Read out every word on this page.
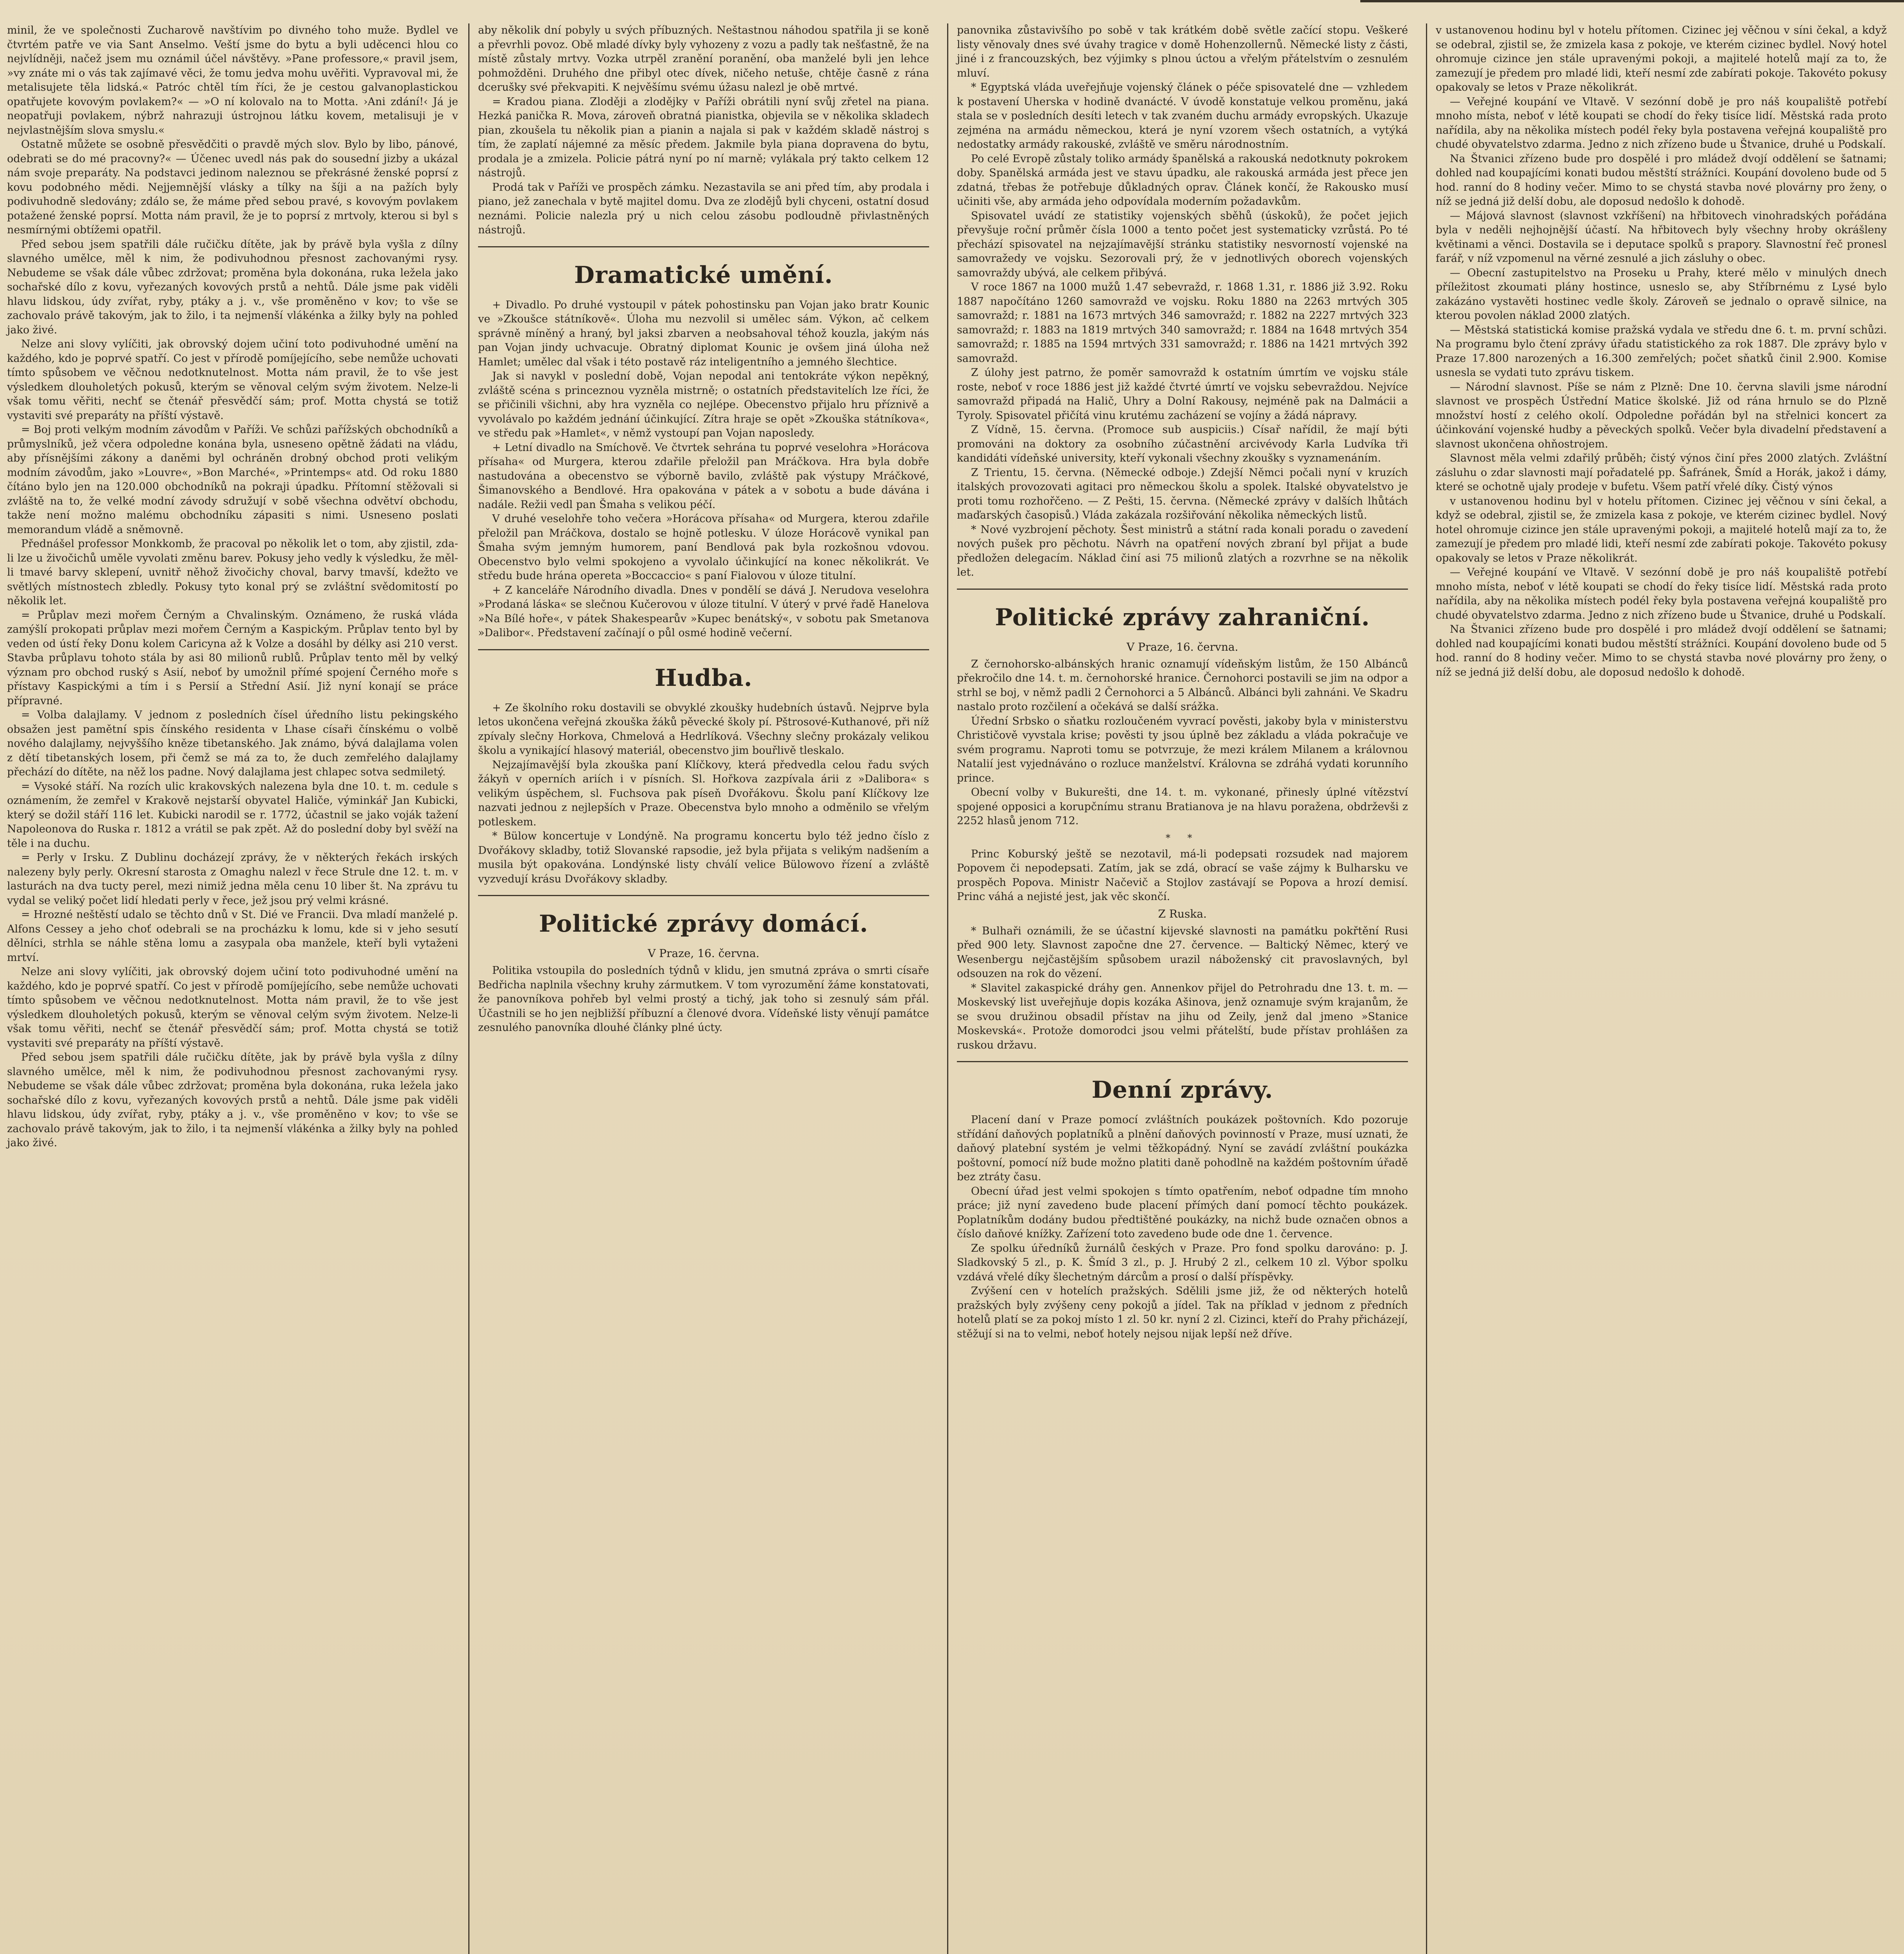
minil, že ve společnosti Zucharově navštívim po divného toho muže. Bydlel ve čtvrtém patře ve via Sant Anselmo. Veští jsme do bytu a byli uděcenci hlou co nejvlídněji, načež jsem mu oznámil účel návštěvy. »Pane professore,« pravil jsem, »vy znáte mi o vás tak zajímavé věci, že tomu jedva mohu uvěřiti. Vypravoval mi, že metalisujete těla lidská.« Patróc chtěl tím říci, že je cestou galvanoplastickou opatřujete kovovým povlakem?« — »O ní kolovalo na to Motta. ›Ani zdání!‹ Já je neopatřuji povlakem, nýbrž nahrazuji ústrojnou látku kovem, metalisuji je v nejvlastnějším slova smyslu.«

Ostatně můžete se osobně přesvědčiti o pravdě mých slov. Bylo by libo, pánové, odebrati se do mé pracovny?« — Účenec uvedl nás pak do sousední jizby a ukázal nám svoje preparáty. Na podstavci jedinom naleznou se překrásné ženské poprsí z kovu podobného mědi. Nejjemnější vlásky a tílky na šíji a na pažích byly podivuhodně sledovány; zdálo se, že máme před sebou pravé, s kovovým povlakem potažené ženské poprsí. Motta nám pravil, že je to poprsí z mrtvoly, kterou si byl s nesmírnými obtížemi opatřil.

Před sebou jsem spatřili dále ručičku dítěte, jak by právě byla vyšla z dílny slavného umělce, měl k nim, že podivuhodnou přesnost zachovanými rysy. Nebudeme se však dále vůbec zdržovat; proměna byla dokonána, ruka ležela jako sochařské dílo z kovu, vyřezaných kovových prstů a nehtů. Dále jsme pak viděli hlavu lidskou, údy zvířat, ryby, ptáky a j. v., vše proměněno v kov; to vše se zachovalo právě takovým, jak to žilo, i ta nejmenší vlákénka a žilky byly na pohled jako živé.

Nelze ani slovy vylíčiti, jak obrovský dojem učiní toto podivuhodné umění na každého, kdo je poprvé spatří. Co jest v přírodě pomíjejícího, sebe nemůže uchovati tímto spůsobem ve věčnou nedotknutelnost. Motta nám pravil, že to vše jest výsledkem dlouholetých pokusů, kterým se věnoval celým svým životem. Nelze-li však tomu věřiti, nechť se čtenář přesvědčí sám; prof. Motta chystá se totiž vystaviti své preparáty na příští výstavě.

= Boj proti velkým modním závodům v Paříži. Ve schůzi pařížských obchodníků a průmyslníků, jež včera odpoledne konána byla, usneseno opětně žádati na vládu, aby přísnějšími zákony a daněmi byl ochráněn drobný obchod proti velikým modním závodům, jako »Louvre«, »Bon Marché«, »Printemps« atd. Od roku 1880 čítáno bylo jen na 120.000 obchodníků na pokraji úpadku. Přítomní stěžovali si zvláště na to, že velké modní závody sdružují v sobě všechna odvětví obchodu, takže není možno malému obchodníku zápasiti s nimi. Usneseno poslati memorandum vládě a sněmovně.

Přednášel professor Monkkomb, že pracoval po několik let o tom, aby zjistil, zda-li lze u živočichů uměle vyvolati změnu barev. Pokusy jeho vedly k výsledku, že měl-li tmavé barvy sklepení, uvnitř něhož živočichy choval, barvy tmavší, kdežto ve světlých místnostech zbledly. Pokusy tyto konal prý se zvláštní svědomitostí po několik let.

= Průplav mezi mořem Černým a Chvalinským. Oznámeno, že ruská vláda zamýšlí prokopati průplav mezi mořem Černým a Kaspickým. Průplav tento byl by veden od ústí řeky Donu kolem Caricyna až k Volze a dosáhl by délky asi 210 verst. Stavba průplavu tohoto stála by asi 80 milionů rublů. Průplav tento měl by velký význam pro obchod ruský s Asií, neboť by umožnil přímé spojení Černého moře s přístavy Kaspickými a tím i s Persií a Střední Asií. Již nyní konají se práce přípravné.

= Volba dalajlamy. V jednom z posledních čísel úředního listu pekingského obsažen jest pamětní spis čínského residenta v Lhase císaři čínskému o volbě nového dalajlamy, nejvyššího kněze tibetanského. Jak známo, bývá dalajlama volen z dětí tibetanských losem, při čemž se má za to, že duch zemřelého dalajlamy přechází do dítěte, na něž los padne. Nový dalajlama jest chlapec sotva sedmiletý.

= Vysoké stáří. Na rozích ulic krakovských nalezena byla dne 10. t. m. cedule s oznámením, že zemřel v Krakově nejstarší obyvatel Haliče, výminkář Jan Kubicki, který se dožil stáří 116 let. Kubicki narodil se r. 1772, účastnil se jako voják tažení Napoleonova do Ruska r. 1812 a vrátil se pak zpět. Až do poslední doby byl svěží na těle i na duchu.

= Perly v Irsku. Z Dublinu docházejí zprávy, že v některých řekách irských nalezeny byly perly. Okresní starosta z Omaghu nalezl v řece Strule dne 12. t. m. v lasturách na dva tucty perel, mezi nimiž jedna měla cenu 10 liber št. Na zprávu tu vydal se veliký počet lidí hledati perly v řece, jež jsou prý velmi krásné.

= Hrozné neštěstí udalo se těchto dnů v St. Dié ve Francii. Dva mladí manželé p. Alfons Cessey a jeho choť odebrali se na procházku k lomu, kde si v jeho sesutí dělníci, strhla se náhle stěna lomu a zasypala oba manžele, kteří byli vytaženi mrtví.

Nelze ani slovy vylíčiti, jak obrovský dojem učiní toto podivuhodné umění na každého, kdo je poprvé spatří. Co jest v přírodě pomíjejícího, sebe nemůže uchovati tímto spůsobem ve věčnou nedotknutelnost. Motta nám pravil, že to vše jest výsledkem dlouholetých pokusů, kterým se věnoval celým svým životem. Nelze-li však tomu věřiti, nechť se čtenář přesvědčí sám; prof. Motta chystá se totiž vystaviti své preparáty na příští výstavě.

Před sebou jsem spatřili dále ručičku dítěte, jak by právě byla vyšla z dílny slavného umělce, měl k nim, že podivuhodnou přesnost zachovanými rysy. Nebudeme se však dále vůbec zdržovat; proměna byla dokonána, ruka ležela jako sochařské dílo z kovu, vyřezaných kovových prstů a nehtů. Dále jsme pak viděli hlavu lidskou, údy zvířat, ryby, ptáky a j. v., vše proměněno v kov; to vše se zachovalo právě takovým, jak to žilo, i ta nejmenší vlákénka a žilky byly na pohled jako živé.

aby několik dní pobyly u svých příbuzných. Neštastnou náhodou spatřila ji se koně a převrhli povoz. Obě mladé dívky byly vyhozeny z vozu a padly tak nešťastně, že na místě zůstaly mrtvy. Vozka utrpěl zranění poranění, oba manželé byli jen lehce pohmožděni. Druhého dne přibyl otec dívek, ničeho netuše, chtěje časně z rána dcerušky své překvapiti. K nejvěšímu svému úžasu nalezl je obě mrtvé.

= Kradou piana. Zloději a zlodějky v Paříži obrátili nyní svůj zřetel na piana. Hezká panička R. Mova, zároveň obratná pianistka, objevila se v několika skladech pian, zkoušela tu několik pian a pianin a najala si pak v každém skladě nástroj s tím, že zaplatí nájemné za měsíc předem. Jakmile byla piana dopravena do bytu, prodala je a zmizela. Policie pátrá nyní po ní marně; vylákala prý takto celkem 12 nástrojů.

Prodá tak v Paříži ve prospěch zámku. Nezastavila se ani před tím, aby prodala i piano, jež zanechala v bytě majitel domu. Dva ze zlodějů byli chyceni, ostatní dosud neznámi. Policie nalezla prý u nich celou zásobu podloudně přivlastněných nástrojů.

Dramatické umění.

+ Divadlo. Po druhé vystoupil v pátek pohostinsku pan Vojan jako bratr Kounic ve »Zkoušce státníkově«. Úloha mu nezvolil si umělec sám. Výkon, ač celkem správně míněný a hraný, byl jaksi zbarven a neobsahoval téhož kouzla, jakým nás pan Vojan jindy uchvacuje. Obratný diplomat Kounic je ovšem jiná úloha než Hamlet; umělec dal však i této postavě ráz inteligentního a jemného šlechtice.

Jak si navykl v poslední době, Vojan nepodal ani tentokráte výkon nepěkný, zvláště scéna s princeznou vyzněla mistrně; o ostatních představitelích lze říci, že se přičinili všichni, aby hra vyzněla co nejlépe. Obecenstvo přijalo hru příznivě a vyvolávalo po každém jednání účinkující. Zítra hraje se opět »Zkouška státníkova«, ve středu pak »Hamlet«, v němž vystoupí pan Vojan naposledy.

+ Letní divadlo na Smíchově. Ve čtvrtek sehrána tu poprvé veselohra »Horácova přísaha« od Murgera, kterou zdařile přeložil pan Mráčkova. Hra byla dobře nastudována a obecenstvo se výborně bavilo, zvláště pak výstupy Mráčkové, Šimanovského a Bendlové. Hra opakována v pátek a v sobotu a bude dávána i nadále. Režii vedl pan Šmaha s velikou péčí.

V druhé veselohře toho večera »Horácova přísaha« od Murgera, kterou zdařile přeložil pan Mráčkova, dostalo se hojně potlesku. V úloze Horácově vynikal pan Šmaha svým jemným humorem, paní Bendlová pak byla rozkošnou vdovou. Obecenstvo bylo velmi spokojeno a vyvolalo účinkující na konec několikrát. Ve středu bude hrána opereta »Boccaccio« s paní Fialovou v úloze titulní.

+ Z kanceláře Národního divadla. Dnes v pondělí se dává J. Nerudova veselohra »Prodaná láska« se slečnou Kučerovou v úloze titulní. V úterý v prvé řadě Hanelova »Na Bílé hoře«, v pátek Shakespearův »Kupec benátský«, v sobotu pak Smetanova »Dalibor«. Představení začínají o půl osmé hodině večerní.

Hudba.

+ Ze školního roku dostavili se obvyklé zkoušky hudebních ústavů. Nejprve byla letos ukončena veřejná zkouška žáků pěvecké školy pí. Pštrosové-Kuthanové, při níž zpívaly slečny Horkova, Chmelová a Hedrlíková. Všechny slečny prokázaly velikou školu a vynikající hlasový materiál, obecenstvo jim bouřlivě tleskalo.

Nejzajímavější byla zkouška paní Klíčkovy, která předvedla celou řadu svých žákyň v operních ariích i v písních. Sl. Hořkova zazpívala árii z »Dalibora« s velikým úspěchem, sl. Fuchsova pak píseň Dvořákovu. Školu paní Klíčkovy lze nazvati jednou z nejlepších v Praze. Obecenstva bylo mnoho a odměnilo se vřelým potleskem.

* Bülow koncertuje v Londýně. Na programu koncertu bylo též jedno číslo z Dvořákovy skladby, totiž Slovanské rapsodie, jež byla přijata s velikým nadšením a musila být opakována. Londýnské listy chválí velice Bülowovo řízení a zvláště vyzvedují krásu Dvořákovy skladby.

Politické zprávy domácí.
V Praze, 16. června.

Politika vstoupila do posledních týdnů v klidu, jen smutná zpráva o smrti císaře Bedřicha naplnila všechny kruhy zármutkem. V tom vyrozumění žáme konstatovati, že panovníkova pohřeb byl velmi prostý a tichý, jak toho si zesnulý sám přál. Účastnili se ho jen nejbližší příbuzní a členové dvora. Vídeňské listy věnují památce zesnulého panovníka dlouhé články plné úcty.

panovnika zůstavivšího po sobě v tak krátkém době světle začící stopu. Veškeré listy věnovaly dnes své úvahy tragice v domě Hohenzollernů. Německé listy z části, jiné i z francouzských, bez výjimky s plnou úctou a vřelým přátelstvím o zesnulém mluví.

* Egyptská vláda uveřejňuje vojenský článek o péče spisovatelé dne — vzhledem k postavení Uherska v hodině dvanácté. V úvodě konstatuje velkou proměnu, jaká stala se v posledních desíti letech v tak zvaném duchu armády evropských. Ukazuje zejména na armádu německou, která je nyní vzorem všech ostatních, a vytýká nedostatky armády rakouské, zvláště ve směru národnostním.

Po celé Evropě zůstaly toliko armády španělská a rakouská nedotknuty pokrokem doby. Spanělská armáda jest ve stavu úpadku, ale rakouská armáda jest přece jen zdatná, třebas že potřebuje důkladných oprav. Článek končí, že Rakousko musí učiniti vše, aby armáda jeho odpovídala moderním požadavkům.

Spisovatel uvádí ze statistiky vojenských sběhů (úskoků), že počet jejich převyšuje roční průměr čísla 1000 a tento počet jest systematicky vzrůstá. Po té přechází spisovatel na nejzajímavější stránku statistiky nesvorností vojenské na samovražedy ve vojsku. Sezorovali prý, že v jednotlivých oborech vojenských samovraždy ubývá, ale celkem přibývá.

V roce 1867 na 1000 mužů 1.47 sebevražd, r. 1868 1.31, r. 1886 již 3.92. Roku 1887 napočítáno 1260 samovražd ve vojsku. Roku 1880 na 2263 mrtvých 305 samovražd; r. 1881 na 1673 mrtvých 346 samovražd; r. 1882 na 2227 mrtvých 323 samovražd; r. 1883 na 1819 mrtvých 340 samovražd; r. 1884 na 1648 mrtvých 354 samovražd; r. 1885 na 1594 mrtvých 331 samovražd; r. 1886 na 1421 mrtvých 392 samovražd.

Z úlohy jest patrno, že poměr samovražd k ostatním úmrtím ve vojsku stále roste, neboť v roce 1886 jest již každé čtvrté úmrtí ve vojsku sebevraždou. Nejvíce samovražd připadá na Halič, Uhry a Dolní Rakousy, nejméně pak na Dalmácii a Tyroly. Spisovatel přičítá vinu krutému zacházení se vojíny a žádá nápravy.

Z Vídně, 15. června. (Promoce sub auspiciis.) Císař nařídil, že mají býti promováni na doktory za osobního zúčastnění arcivévody Karla Ludvíka tři kandidáti vídeňské university, kteří vykonali všechny zkoušky s vyznamenáním.

Z Trientu, 15. června. (Německé odboje.) Zdejší Němci počali nyní v kruzích italských provozovati agitaci pro německou školu a spolek. Italské obyvatelstvo je proti tomu rozhořčeno. — Z Pešti, 15. června. (Německé zprávy v dalších lhůtách maďarských časopisů.) Vláda zakázala rozšiřování několika německých listů.

* Nové vyzbrojení pěchoty. Šest ministrů a státní rada konali poradu o zavedení nových pušek pro pěchotu. Návrh na opatření nových zbraní byl přijat a bude předložen delegacím. Náklad činí asi 75 milionů zlatých a rozvrhne se na několik let.

Politické zprávy zahraniční.
V Praze, 16. června.

Z černohorsko-albánských hranic oznamují vídeňským listům, že 150 Albánců překročilo dne 14. t. m. černohorské hranice. Černohorci postavili se jim na odpor a strhl se boj, v němž padli 2 Černohorci a 5 Albánců. Albánci byli zahnáni. Ve Skadru nastalo proto rozčilení a očekává se další srážka.

Úřední Srbsko o sňatku rozloučeném vyvrací pověsti, jakoby byla v ministerstvu Christičově vyvstala krise; pověsti ty jsou úplně bez základu a vláda pokračuje ve svém programu. Naproti tomu se potvrzuje, že mezi králem Milanem a královnou Natalií jest vyjednáváno o rozluce manželství. Královna se zdráhá vydati korunního prince.

Obecní volby v Bukurešti, dne 14. t. m. vykonané, přinesly úplné vítězství spojené opposici a korupčnímu stranu Bratianova je na hlavu poražena, obdrževši z 2252 hlasů jenom 712.

* *

Princ Koburský ještě se nezotavil, má-li podepsati rozsudek nad majorem Popovem či nepodepsati. Zatím, jak se zdá, obrací se vaše zájmy k Bulharsku ve prospěch Popova. Ministr Načevič a Stojlov zastávají se Popova a hrozí demisí. Princ váhá a nejisté jest, jak věc skončí.

Z Ruska.

* Bulhaři oznámili, že se účastní kijevské slavnosti na památku pokřtění Rusi před 900 lety. Slavnost započne dne 27. července. — Baltický Němec, který ve Wesenbergu nejčastějším spůsobem urazil náboženský cit pravoslavných, byl odsouzen na rok do vězení.

* Slavitel zakaspické dráhy gen. Annenkov přijel do Petrohradu dne 13. t. m. — Moskevský list uveřejňuje dopis kozáka Ašinova, jenž oznamuje svým krajanům, že se svou družinou obsadil přístav na jihu od Zeily, jenž dal jmeno »Stanice Moskevská«. Protože domorodci jsou velmi přátelští, bude přístav prohlášen za ruskou državu.

Denní zprávy.

Placení daní v Praze pomocí zvláštních poukázek poštovních. Kdo pozoruje střídání daňových poplatníků a plnění daňových povinností v Praze, musí uznati, že daňový platební systém je velmi těžkopádný. Nyní se zavádí zvláštní poukázka poštovní, pomocí níž bude možno platiti daně pohodlně na každém poštovním úřadě bez ztráty času.

Obecní úřad jest velmi spokojen s tímto opatřením, neboť odpadne tím mnoho práce; již nyní zavedeno bude placení přímých daní pomocí těchto poukázek. Poplatníkům dodány budou předtištěné poukázky, na nichž bude označen obnos a číslo daňové knížky. Zařízení toto zavedeno bude ode dne 1. července.

Ze spolku úředníků žurnálů českých v Praze. Pro fond spolku darováno: p. J. Sladkovský 5 zl., p. K. Šmíd 3 zl., p. J. Hrubý 2 zl., celkem 10 zl. Výbor spolku vzdává vřelé díky šlechetným dárcům a prosí o další příspěvky.

Zvýšení cen v hotelích pražských. Sdělili jsme již, že od některých hotelů pražských byly zvýšeny ceny pokojů a jídel. Tak na příklad v jednom z předních hotelů platí se za pokoj místo 1 zl. 50 kr. nyní 2 zl. Cizinci, kteří do Prahy přicházejí, stěžují si na to velmi, neboť hotely nejsou nijak lepší než dříve.

v ustanovenou hodinu byl v hotelu přítomen. Cizinec jej věčnou v síni čekal, a když se odebral, zjistil se, že zmizela kasa z pokoje, ve kterém cizinec bydlel. Nový hotel ohromuje cizince jen stále upravenými pokoji, a majitelé hotelů mají za to, že zamezují je předem pro mladé lidi, kteří nesmí zde zabírati pokoje. Takovéto pokusy opakovaly se letos v Praze několikrát.

— Veřejné koupání ve Vltavě. V sezónní době je pro náš koupaliště potřebí mnoho místa, neboť v létě koupati se chodí do řeky tisíce lidí. Městská rada proto nařídila, aby na několika místech podél řeky byla postavena veřejná koupaliště pro chudé obyvatelstvo zdarma. Jedno z nich zřízeno bude u Štvanice, druhé u Podskalí.

Na Štvanici zřízeno bude pro dospělé i pro mládež dvojí oddělení se šatnami; dohled nad koupajícími konati budou městští strážníci. Koupání dovoleno bude od 5 hod. ranní do 8 hodiny večer. Mimo to se chystá stavba nové plovárny pro ženy, o níž se jedná již delší dobu, ale doposud nedošlo k dohodě.

— Májová slavnost (slavnost vzkříšení) na hřbitovech vinohradských pořádána byla v neděli nejhojnější účastí. Na hřbitovech byly všechny hroby okrášleny květinami a věnci. Dostavila se i deputace spolků s prapory. Slavnostní řeč pronesl farář, v níž vzpomenul na věrné zesnulé a jich zásluhy o obec.

— Obecní zastupitelstvo na Proseku u Prahy, které mělo v minulých dnech příležitost zkoumati plány hostince, usneslo se, aby Stříbrnému z Lysé bylo zakázáno vystavěti hostinec vedle školy. Zároveň se jednalo o opravě silnice, na kterou povolen náklad 2000 zlatých.

— Městská statistická komise pražská vydala ve středu dne 6. t. m. první schůzi. Na programu bylo čtení zprávy úřadu statistického za rok 1887. Dle zprávy bylo v Praze 17.800 narozených a 16.300 zemřelých; počet sňatků činil 2.900. Komise usnesla se vydati tuto zprávu tiskem.

— Národní slavnost. Píše se nám z Plzně: Dne 10. června slavili jsme národní slavnost ve prospěch Ústřední Matice školské. Již od rána hrnulo se do Plzně množství hostí z celého okolí. Odpoledne pořádán byl na střelnici koncert za účinkování vojenské hudby a pěveckých spolků. Večer byla divadelní představení a slavnost ukončena ohňostrojem.

Slavnost měla velmi zdařilý průběh; čistý výnos činí přes 2000 zlatých. Zvláštní zásluhu o zdar slavnosti mají pořadatelé pp. Šafránek, Šmíd a Horák, jakož i dámy, které se ochotně ujaly prodeje v bufetu. Všem patří vřelé díky. Čistý výnos

v ustanovenou hodinu byl v hotelu přítomen. Cizinec jej věčnou v síni čekal, a když se odebral, zjistil se, že zmizela kasa z pokoje, ve kterém cizinec bydlel. Nový hotel ohromuje cizince jen stále upravenými pokoji, a majitelé hotelů mají za to, že zamezují je předem pro mladé lidi, kteří nesmí zde zabírati pokoje. Takovéto pokusy opakovaly se letos v Praze několikrát.

— Veřejné koupání ve Vltavě. V sezónní době je pro náš koupaliště potřebí mnoho místa, neboť v létě koupati se chodí do řeky tisíce lidí. Městská rada proto nařídila, aby na několika místech podél řeky byla postavena veřejná koupaliště pro chudé obyvatelstvo zdarma. Jedno z nich zřízeno bude u Štvanice, druhé u Podskalí.

Na Štvanici zřízeno bude pro dospělé i pro mládež dvojí oddělení se šatnami; dohled nad koupajícími konati budou městští strážníci. Koupání dovoleno bude od 5 hod. ranní do 8 hodiny večer. Mimo to se chystá stavba nové plovárny pro ženy, o níž se jedná již delší dobu, ale doposud nedošlo k dohodě.
